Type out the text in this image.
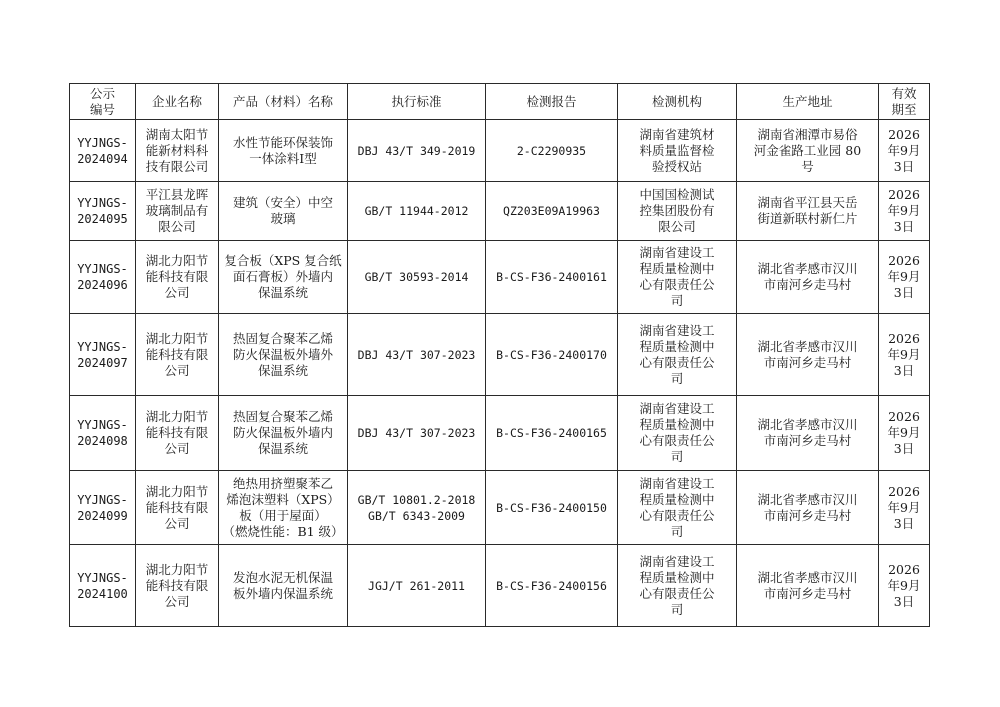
公示
编号	企业名称	产品（材料）名称	执行标准	检测报告	检测机构	生产地址	有效
期至

YYJNGS-
2024094	湖南太阳节
能新材料科
技有限公司	水性节能环保装饰
一体涂料Ⅰ型	DBJ 43/T 349-2019	2-C2290935	湖南省建筑材
料质量监督检
验授权站	湖南省湘潭市易俗
河金雀路工业园 80
号	2026
年9月
3日

YYJNGS-
2024095	平江县龙晖
玻璃制品有
限公司	建筑（安全）中空
玻璃	GB/T 11944-2012	QZ203E09A19963	中国国检测试
控集团股份有
限公司	湖南省平江县天岳
街道新联村新仁片	2026
年9月
3日

YYJNGS-
2024096	湖北力阳节
能科技有限
公司	复合板（XPS 复合纸
面石膏板）外墙内
保温系统	GB/T 30593-2014	B-CS-F36-2400161	湖南省建设工
程质量检测中
心有限责任公
司	湖北省孝感市汉川
市南河乡走马村	2026
年9月
3日

YYJNGS-
2024097	湖北力阳节
能科技有限
公司	热固复合聚苯乙烯
防火保温板外墙外
保温系统	DBJ 43/T 307-2023	B-CS-F36-2400170	湖南省建设工
程质量检测中
心有限责任公
司	湖北省孝感市汉川
市南河乡走马村	2026
年9月
3日

YYJNGS-
2024098	湖北力阳节
能科技有限
公司	热固复合聚苯乙烯
防火保温板外墙内
保温系统	DBJ 43/T 307-2023	B-CS-F36-2400165	湖南省建设工
程质量检测中
心有限责任公
司	湖北省孝感市汉川
市南河乡走马村	2026
年9月
3日

YYJNGS-
2024099	湖北力阳节
能科技有限
公司	绝热用挤塑聚苯乙
烯泡沫塑料（XPS）
板（用于屋面）
（燃烧性能：B1 级）	GB/T 10801.2-2018
GB/T 6343-2009	B-CS-F36-2400150	湖南省建设工
程质量检测中
心有限责任公
司	湖北省孝感市汉川
市南河乡走马村	2026
年9月
3日

YYJNGS-
2024100	湖北力阳节
能科技有限
公司	发泡水泥无机保温
板外墙内保温系统	JGJ/T 261-2011	B-CS-F36-2400156	湖南省建设工
程质量检测中
心有限责任公
司	湖北省孝感市汉川
市南河乡走马村	2026
年9月
3日
